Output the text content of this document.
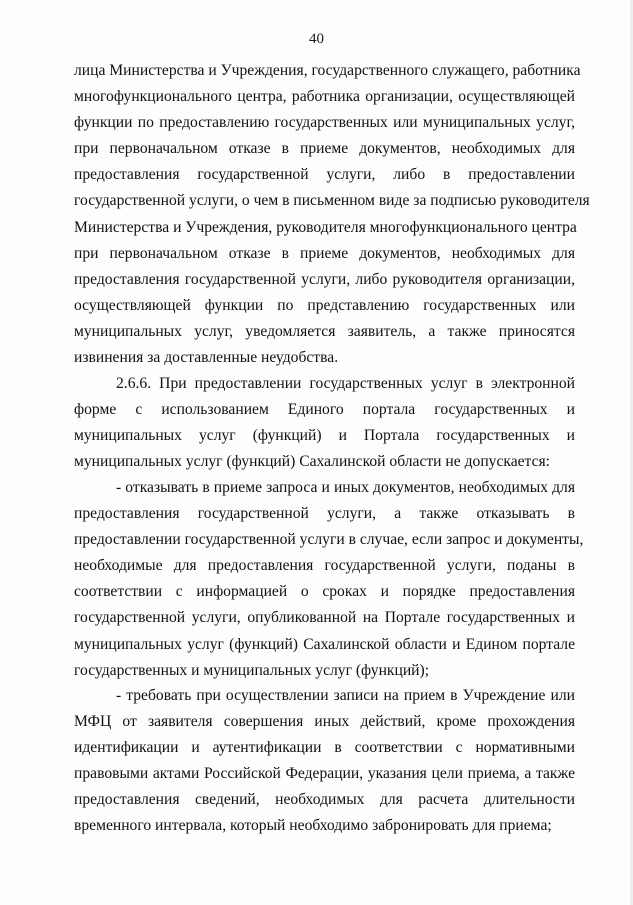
40
лица Министерства и Учреждения, государственного служащего, работника
многофункционального центра, работника организации, осуществляющей
функции по предоставлению государственных или муниципальных услуг,
при первоначальном отказе в приеме документов, необходимых для
предоставления государственной услуги, либо в предоставлении
государственной услуги, о чем в письменном виде за подписью руководителя
Министерства и Учреждения, руководителя многофункционального центра
при первоначальном отказе в приеме документов, необходимых для
предоставления государственной услуги, либо руководителя организации,
осуществляющей функции по представлению государственных или
муниципальных услуг, уведомляется заявитель, а также приносятся
извинения за доставленные неудобства.
2.6.6. При предоставлении государственных услуг в электронной
форме с использованием Единого портала государственных и
муниципальных услуг (функций) и Портала государственных и
муниципальных услуг (функций) Сахалинской области не допускается:
- отказывать в приеме запроса и иных документов, необходимых для
предоставления государственной услуги, а также отказывать в
предоставлении государственной услуги в случае, если запрос и документы,
необходимые для предоставления государственной услуги, поданы в
соответствии с информацией о сроках и порядке предоставления
государственной услуги, опубликованной на Портале государственных и
муниципальных услуг (функций) Сахалинской области и Едином портале
государственных и муниципальных услуг (функций);
- требовать при осуществлении записи на прием в Учреждение или
МФЦ от заявителя совершения иных действий, кроме прохождения
идентификации и аутентификации в соответствии с нормативными
правовыми актами Российской Федерации, указания цели приема, а также
предоставления сведений, необходимых для расчета длительности
временного интервала, который необходимо забронировать для приема;
